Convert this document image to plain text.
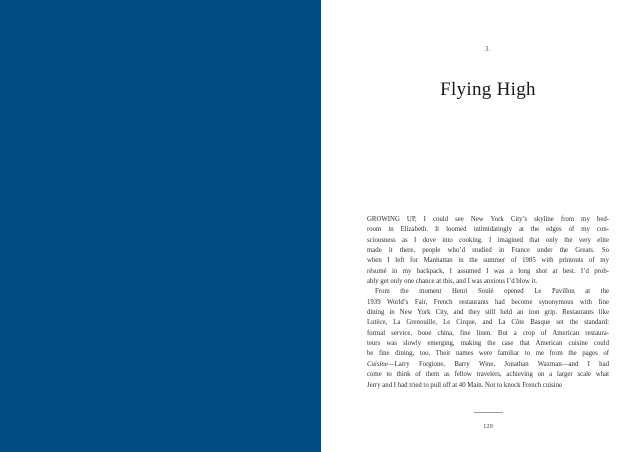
3.
Flying High
GROWING UP, I could see New York City’s skyline from my bed-
room in Elizabeth. It loomed intimidatingly at the edges of my con-
sciousness as I dove into cooking. I imagined that only the very elite
made it there, people who’d studied in France under the Greats. So
when I left for Manhattan in the summer of 1985 with printouts of my
résumé in my backpack, I assumed I was a long shot at best. I’d prob-
ably get only one chance at this, and I was anxious I’d blow it.
From the moment Henri Soulé opened Le Pavillon at the
1939 World’s Fair, French restaurants had become synonymous with fine
dining in New York City, and they still held an iron grip. Restaurants like
Lutèce, La Grenouille, Le Cirque, and La Côte Basque set the standard:
formal service, bone china, fine linen. But a crop of American restaura-
teurs was slowly emerging, making the case that American cuisine could
be fine dining, too. Their names were familiar to me from the pages of
Cuisine—Larry Forgione, Barry Wine, Jonathan Waxman—and I had
come to think of them as fellow travelers, achieving on a larger scale what
Jerry and I had tried to pull off at 40 Main. Not to knock French cuisine
129
